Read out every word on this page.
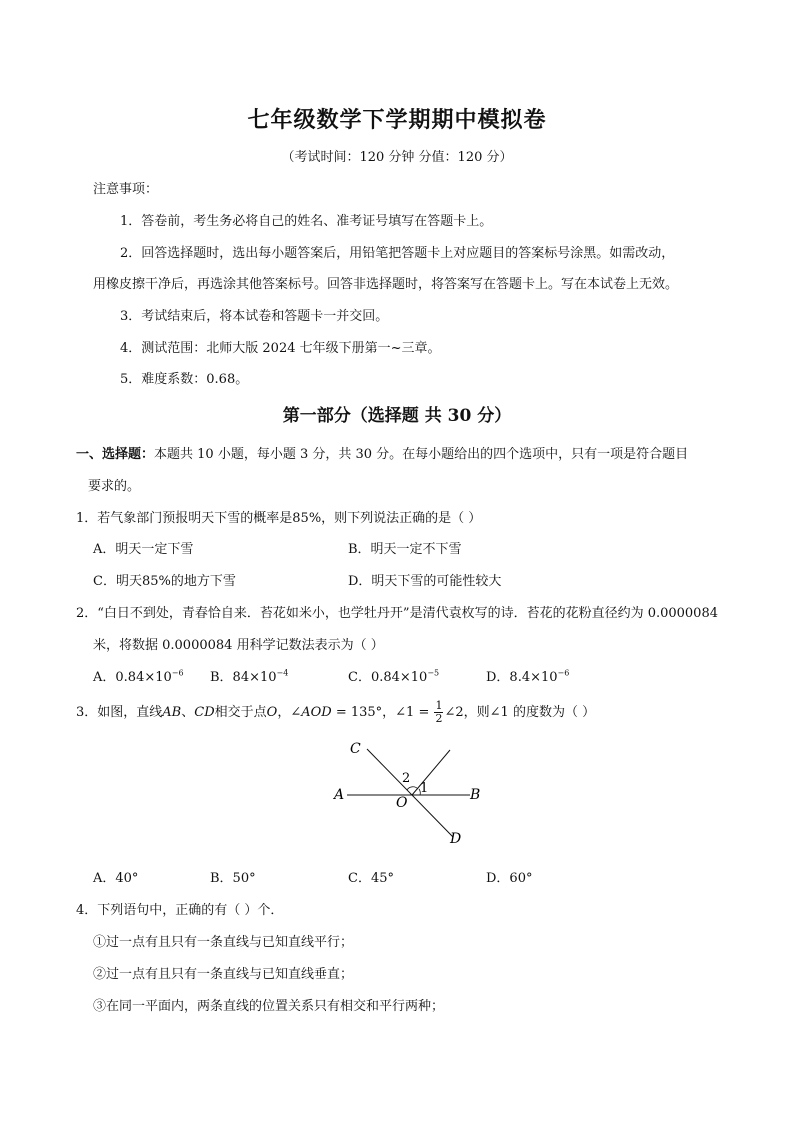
七年级数学下学期期中模拟卷
（考试时间：120 分钟 分值：120 分）
注意事项：
1．答卷前，考生务必将自己的姓名、准考证号填写在答题卡上。
2．回答选择题时，选出每小题答案后，用铅笔把答题卡上对应题目的答案标号涂黑。如需改动，
用橡皮擦干净后，再选涂其他答案标号。回答非选择题时，将答案写在答题卡上。写在本试卷上无效。
3．考试结束后，将本试卷和答题卡一并交回。
4．测试范围：北师大版 2024 七年级下册第一~三章。
5．难度系数：0.68。
第一部分（选择题 共 30 分）
一、选择题：本题共 10 小题，每小题 3 分，共 30 分。在每小题给出的四个选项中，只有一项是符合题目
要求的。
1．若气象部门预报明天下雪的概率是85%，则下列说法正确的是（ ）
A．明天一定下雪	B．明天一定不下雪
C．明天85%的地方下雪	D．明天下雪的可能性较大
2．“白日不到处，青春恰自来．苔花如米小，也学牡丹开”是清代袁枚写的诗．苔花的花粉直径约为 0.0000084
米，将数据 0.0000084 用科学记数法表示为（ ）
A．$0.84\times 10^{-6}$ B．$84\times 10^{-4}$	C．$0.84\times 10^{-5}$	D．$8.4\times 10^{-6}$
3．如图，直线AB、CD相交于点O，∠AOD = 135°，∠1 = $\frac{1}{2}$ ∠2，则∠1 的度数为（ ）
A	B
C
D
O
2
1
A．40°	B．50°	C．45°	D．60°
4．下列语句中，正确的有（ ）个．
①过一点有且只有一条直线与已知直线平行；
②过一点有且只有一条直线与已知直线垂直；
③在同一平面内，两条直线的位置关系只有相交和平行两种；
